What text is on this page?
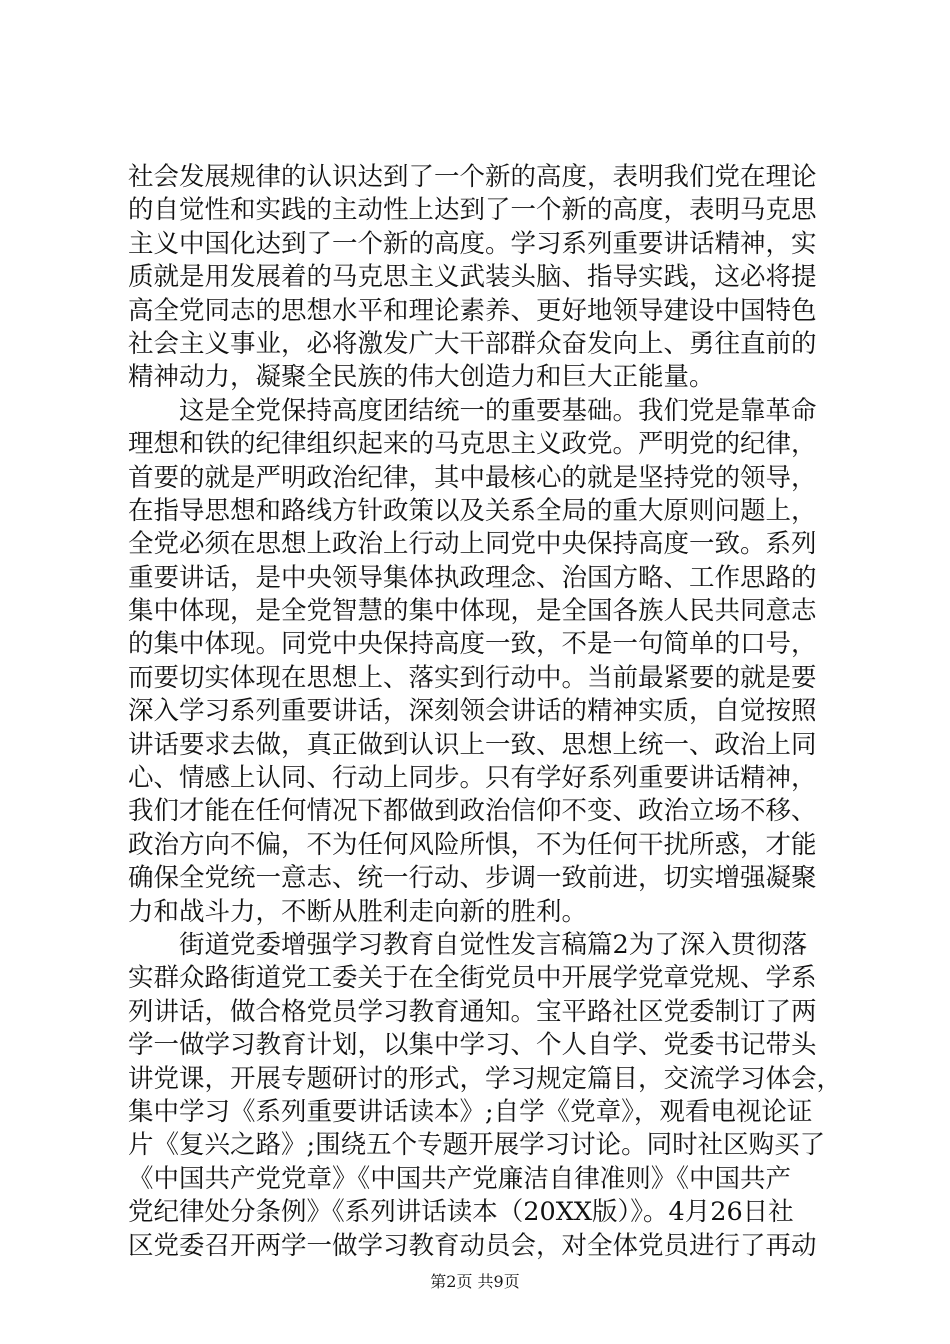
社会发展规律的认识达到了一个新的高度，表明我们党在理论
的自觉性和实践的主动性上达到了一个新的高度，表明马克思
主义中国化达到了一个新的高度。学习系列重要讲话精神，实
质就是用发展着的马克思主义武装头脑、指导实践，这必将提
高全党同志的思想水平和理论素养、更好地领导建设中国特色
社会主义事业，必将激发广大干部群众奋发向上、勇往直前的
精神动力，凝聚全民族的伟大创造力和巨大正能量。
　　这是全党保持高度团结统一的重要基础。我们党是靠革命
理想和铁的纪律组织起来的马克思主义政党。严明党的纪律，
首要的就是严明政治纪律，其中最核心的就是坚持党的领导，
在指导思想和路线方针政策以及关系全局的重大原则问题上，
全党必须在思想上政治上行动上同党中央保持高度一致。系列
重要讲话，是中央领导集体执政理念、治国方略、工作思路的
集中体现，是全党智慧的集中体现，是全国各族人民共同意志
的集中体现。同党中央保持高度一致，不是一句简单的口号，
而要切实体现在思想上、落实到行动中。当前最紧要的就是要
深入学习系列重要讲话，深刻领会讲话的精神实质，自觉按照
讲话要求去做，真正做到认识上一致、思想上统一、政治上同
心、情感上认同、行动上同步。只有学好系列重要讲话精神，
我们才能在任何情况下都做到政治信仰不变、政治立场不移、
政治方向不偏，不为任何风险所惧，不为任何干扰所惑，才能
确保全党统一意志、统一行动、步调一致前进，切实增强凝聚
力和战斗力，不断从胜利走向新的胜利。
　　街道党委增强学习教育自觉性发言稿篇2为了深入贯彻落
实群众路街道党工委关于在全街党员中开展学党章党规、学系
列讲话，做合格党员学习教育通知。宝平路社区党委制订了两
学一做学习教育计划，以集中学习、个人自学、党委书记带头
讲党课，开展专题研讨的形式，学习规定篇目，交流学习体会，
集中学习《系列重要讲话读本》;自学《党章》，观看电视论证
片《复兴之路》;围绕五个专题开展学习讨论。同时社区购买了
《中国共产党党章》《中国共产党廉洁自律准则》《中国共产
党纪律处分条例》《系列讲话读本（20XX版）》。4月26日社
区党委召开两学一做学习教育动员会，对全体党员进行了再动
第2页 共9页
